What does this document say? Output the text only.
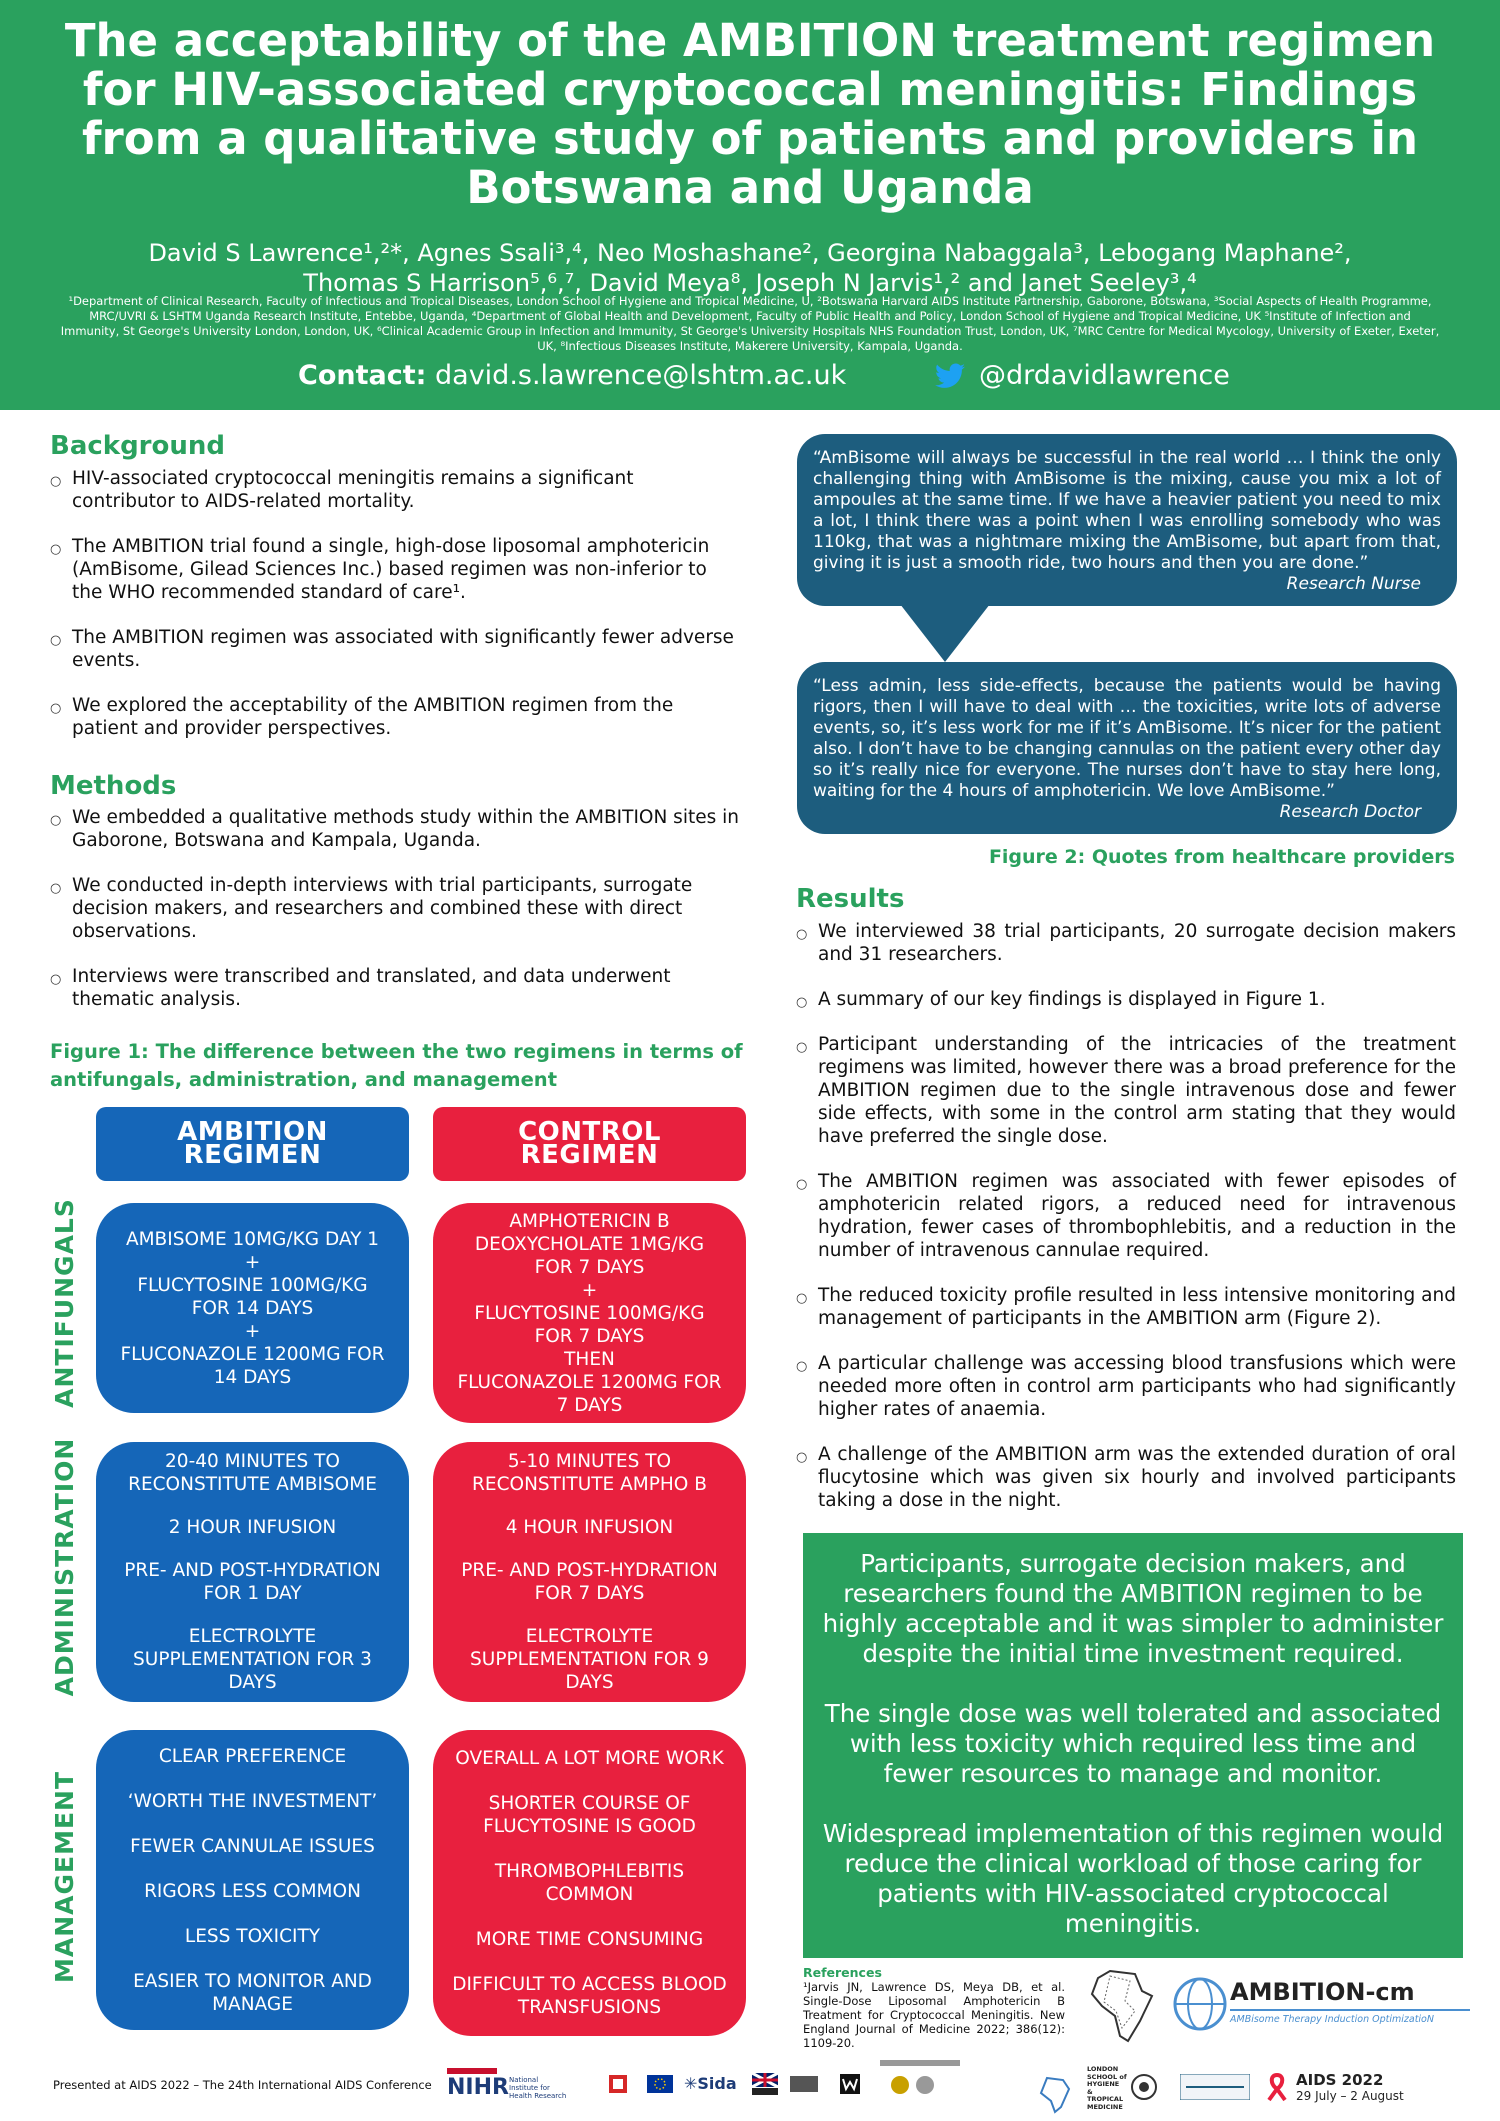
The acceptability of the AMBITION treatment regimen for HIV-associated cryptococcal meningitis: Findings from a qualitative study of patients and providers in Botswana and Uganda
David S Lawrence¹,²*, Agnes Ssali³,⁴, Neo Moshashane², Georgina Nabaggala³, Lebogang Maphane²,
Thomas S Harrison⁵,⁶,⁷, David Meya⁸, Joseph N Jarvis¹,² and Janet Seeley³,⁴
¹Department of Clinical Research, Faculty of Infectious and Tropical Diseases, London School of Hygiene and Tropical Medicine, U, ²Botswana Harvard AIDS Institute Partnership, Gaborone, Botswana, ³Social Aspects of Health Programme, MRC/UVRI & LSHTM Uganda Research Institute, Entebbe, Uganda, ⁴Department of Global Health and Development, Faculty of Public Health and Policy, London School of Hygiene and Tropical Medicine, UK ⁵Institute of Infection and Immunity, St George's University London, London, UK, ⁶Clinical Academic Group in Infection and Immunity, St George's University Hospitals NHS Foundation Trust, London, UK, ⁷MRC Centre for Medical Mycology, University of Exeter, Exeter, UK, ⁸Infectious Diseases Institute, Makerere University, Kampala, Uganda.
Contact: david.s.lawrence@lshtm.ac.uk	@drdavidlawrence
Background
○ HIV-associated cryptococcal meningitis remains a significant contributor to AIDS-related mortality.
○ The AMBITION trial found a single, high-dose liposomal amphotericin (AmBisome, Gilead Sciences Inc.) based regimen was non-inferior to the WHO recommended standard of care¹.
○ The AMBITION regimen was associated with significantly fewer adverse events.
○ We explored the acceptability of the AMBITION regimen from the patient and provider perspectives.
Methods
○ We embedded a qualitative methods study within the AMBITION sites in Gaborone, Botswana and Kampala, Uganda.
○ We conducted in-depth interviews with trial participants, surrogate decision makers, and researchers and combined these with direct observations.
○ Interviews were transcribed and translated, and data underwent thematic analysis.
Figure 1: The difference between the two regimens in terms of antifungals, administration, and management
AMBITION REGIMEN
CONTROL REGIMEN
ANTIFUNGALS
ADMINISTRATION
MANAGEMENT
AMBISOME 10MG/KG DAY 1
+
FLUCYTOSINE 100MG/KG
FOR 14 DAYS
+
FLUCONAZOLE 1200MG FOR
14 DAYS
AMPHOTERICIN B
DEOXYCHOLATE 1MG/KG
FOR 7 DAYS
+
FLUCYTOSINE 100MG/KG
FOR 7 DAYS
THEN
FLUCONAZOLE 1200MG FOR
7 DAYS
20-40 MINUTES TO RECONSTITUTE AMBISOME
2 HOUR INFUSION
PRE- AND POST-HYDRATION FOR 1 DAY
ELECTROLYTE SUPPLEMENTATION FOR 3 DAYS
5-10 MINUTES TO RECONSTITUTE AMPHO B
4 HOUR INFUSION
PRE- AND POST-HYDRATION FOR 7 DAYS
ELECTROLYTE SUPPLEMENTATION FOR 9 DAYS
CLEAR PREFERENCE
‘WORTH THE INVESTMENT’
FEWER CANNULAE ISSUES
RIGORS LESS COMMON
LESS TOXICITY
EASIER TO MONITOR AND MANAGE
OVERALL A LOT MORE WORK
SHORTER COURSE OF FLUCYTOSINE IS GOOD
THROMBOPHLEBITIS COMMON
MORE TIME CONSUMING
DIFFICULT TO ACCESS BLOOD TRANSFUSIONS
“AmBisome will always be successful in the real world … I think the only challenging thing with AmBisome is the mixing, cause you mix a lot of ampoules at the same time. If we have a heavier patient you need to mix a lot, I think there was a point when I was enrolling somebody who was 110kg, that was a nightmare mixing the AmBisome, but apart from that, giving it is just a smooth ride, two hours and then you are done.”
Research Nurse
“Less admin, less side-effects, because the patients would be having rigors, then I will have to deal with … the toxicities, write lots of adverse events, so, it’s less work for me if it’s AmBisome. It’s nicer for the patient also. I don’t have to be changing cannulas on the patient every other day so it’s really nice for everyone. The nurses don’t have to stay here long, waiting for the 4 hours of amphotericin. We love AmBisome.”
Research Doctor
Figure 2: Quotes from healthcare providers
Results
○ We interviewed 38 trial participants, 20 surrogate decision makers and 31 researchers.
○ A summary of our key findings is displayed in Figure 1.
○ Participant understanding of the intricacies of the treatment regimens was limited, however there was a broad preference for the AMBITION regimen due to the single intravenous dose and fewer side effects, with some in the control arm stating that they would have preferred the single dose.
○ The AMBITION regimen was associated with fewer episodes of amphotericin related rigors, a reduced need for intravenous hydration, fewer cases of thrombophlebitis, and a reduction in the number of intravenous cannulae required.
○ The reduced toxicity profile resulted in less intensive monitoring and management of participants in the AMBITION arm (Figure 2).
○ A particular challenge was accessing blood transfusions which were needed more often in control arm participants who had significantly higher rates of anaemia.
○ A challenge of the AMBITION arm was the extended duration of oral flucytosine which was given six hourly and involved participants taking a dose in the night.

Participants, surrogate decision makers, and researchers found the AMBITION regimen to be highly acceptable and it was simpler to administer despite the initial time investment required.

The single dose was well tolerated and associated with less toxicity which required less time and fewer resources to manage and monitor.

Widespread implementation of this regimen would reduce the clinical workload of those caring for patients with HIV-associated cryptococcal meningitis.

References
¹Jarvis JN, Lawrence DS, Meya DB, et al. Single-Dose Liposomal Amphotericin B Treatment for Cryptococcal Meningitis. New England Journal of Medicine 2022; 386(12): 1109-20.
AMBITION-cm
AMBisome Therapy Induction OptimizatioN
Presented at AIDS 2022 – The 24th International AIDS Conference NIHR National Institute for Health Research
✳Sida
LONDON SCHOOL of HYGIENE & TROPICAL MEDICINE
AIDS 2022
29 July – 2 August
